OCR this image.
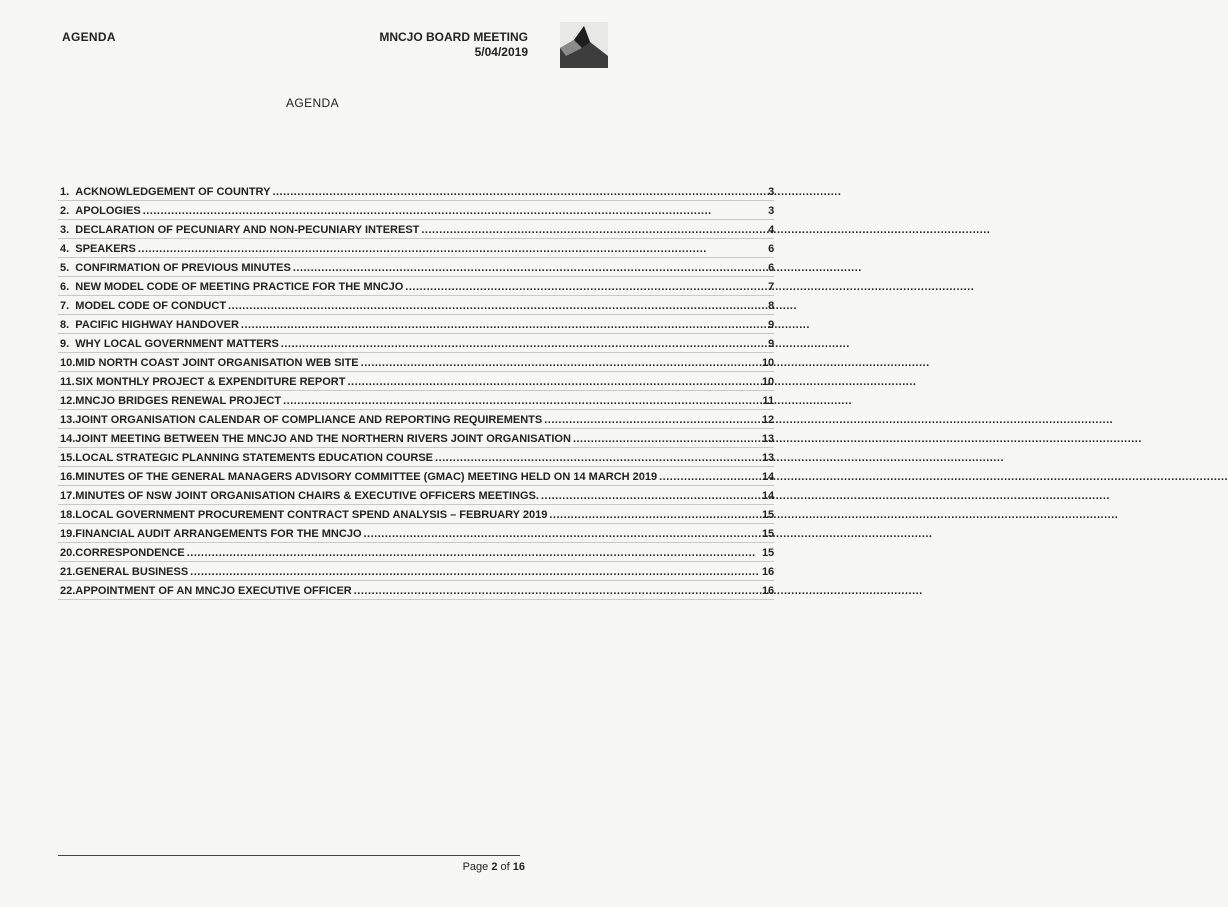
AGENDA	MNCJO BOARD MEETING
5/04/2019
AGENDA
1.	ACKNOWLEDGEMENT OF COUNTRY ..... 3

2.	APOLOGIES ..... 3

3.	DECLARATION OF PECUNIARY AND NON-PECUNIARY INTEREST ..... 4

4.	SPEAKERS ..... 6

5.	CONFIRMATION OF PREVIOUS MINUTES ..... 6

6.	NEW MODEL CODE OF MEETING PRACTICE FOR THE MNCJO ..... 7

7.	MODEL CODE OF CONDUCT ..... 8

8.	PACIFIC HIGHWAY HANDOVER ..... 9

9.	WHY LOCAL GOVERNMENT MATTERS ..... 9

10.	MID NORTH COAST JOINT ORGANISATION WEB SITE ..... 10

11.	SIX MONTHLY PROJECT & EXPENDITURE REPORT ..... 10

12.	MNCJO BRIDGES RENEWAL PROJECT ..... 11

13.	JOINT ORGANISATION CALENDAR OF COMPLIANCE AND REPORTING REQUIREMENTS ..... 12

14.	JOINT MEETING BETWEEN THE MNCJO AND THE NORTHERN RIVERS JOINT ORGANISATION ..... 13

15.	LOCAL STRATEGIC PLANNING STATEMENTS EDUCATION COURSE ..... 13

16.	MINUTES OF THE GENERAL MANAGERS ADVISORY COMMITTEE (GMAC) MEETING HELD ON 14 MARCH 2019 ..... 14

17.	MINUTES OF NSW JOINT ORGANISATION CHAIRS & EXECUTIVE OFFICERS MEETINGS. ..... 14

18.	LOCAL GOVERNMENT PROCUREMENT CONTRACT SPEND ANALYSIS – FEBRUARY 2019 ..... 15

19.	FINANCIAL AUDIT ARRANGEMENTS FOR THE MNCJO ..... 15

20.	CORRESPONDENCE ..... 15

21.	GENERAL BUSINESS ..... 16

22.	APPOINTMENT OF AN MNCJO EXECUTIVE OFFICER ..... 16
Page 2 of 16
